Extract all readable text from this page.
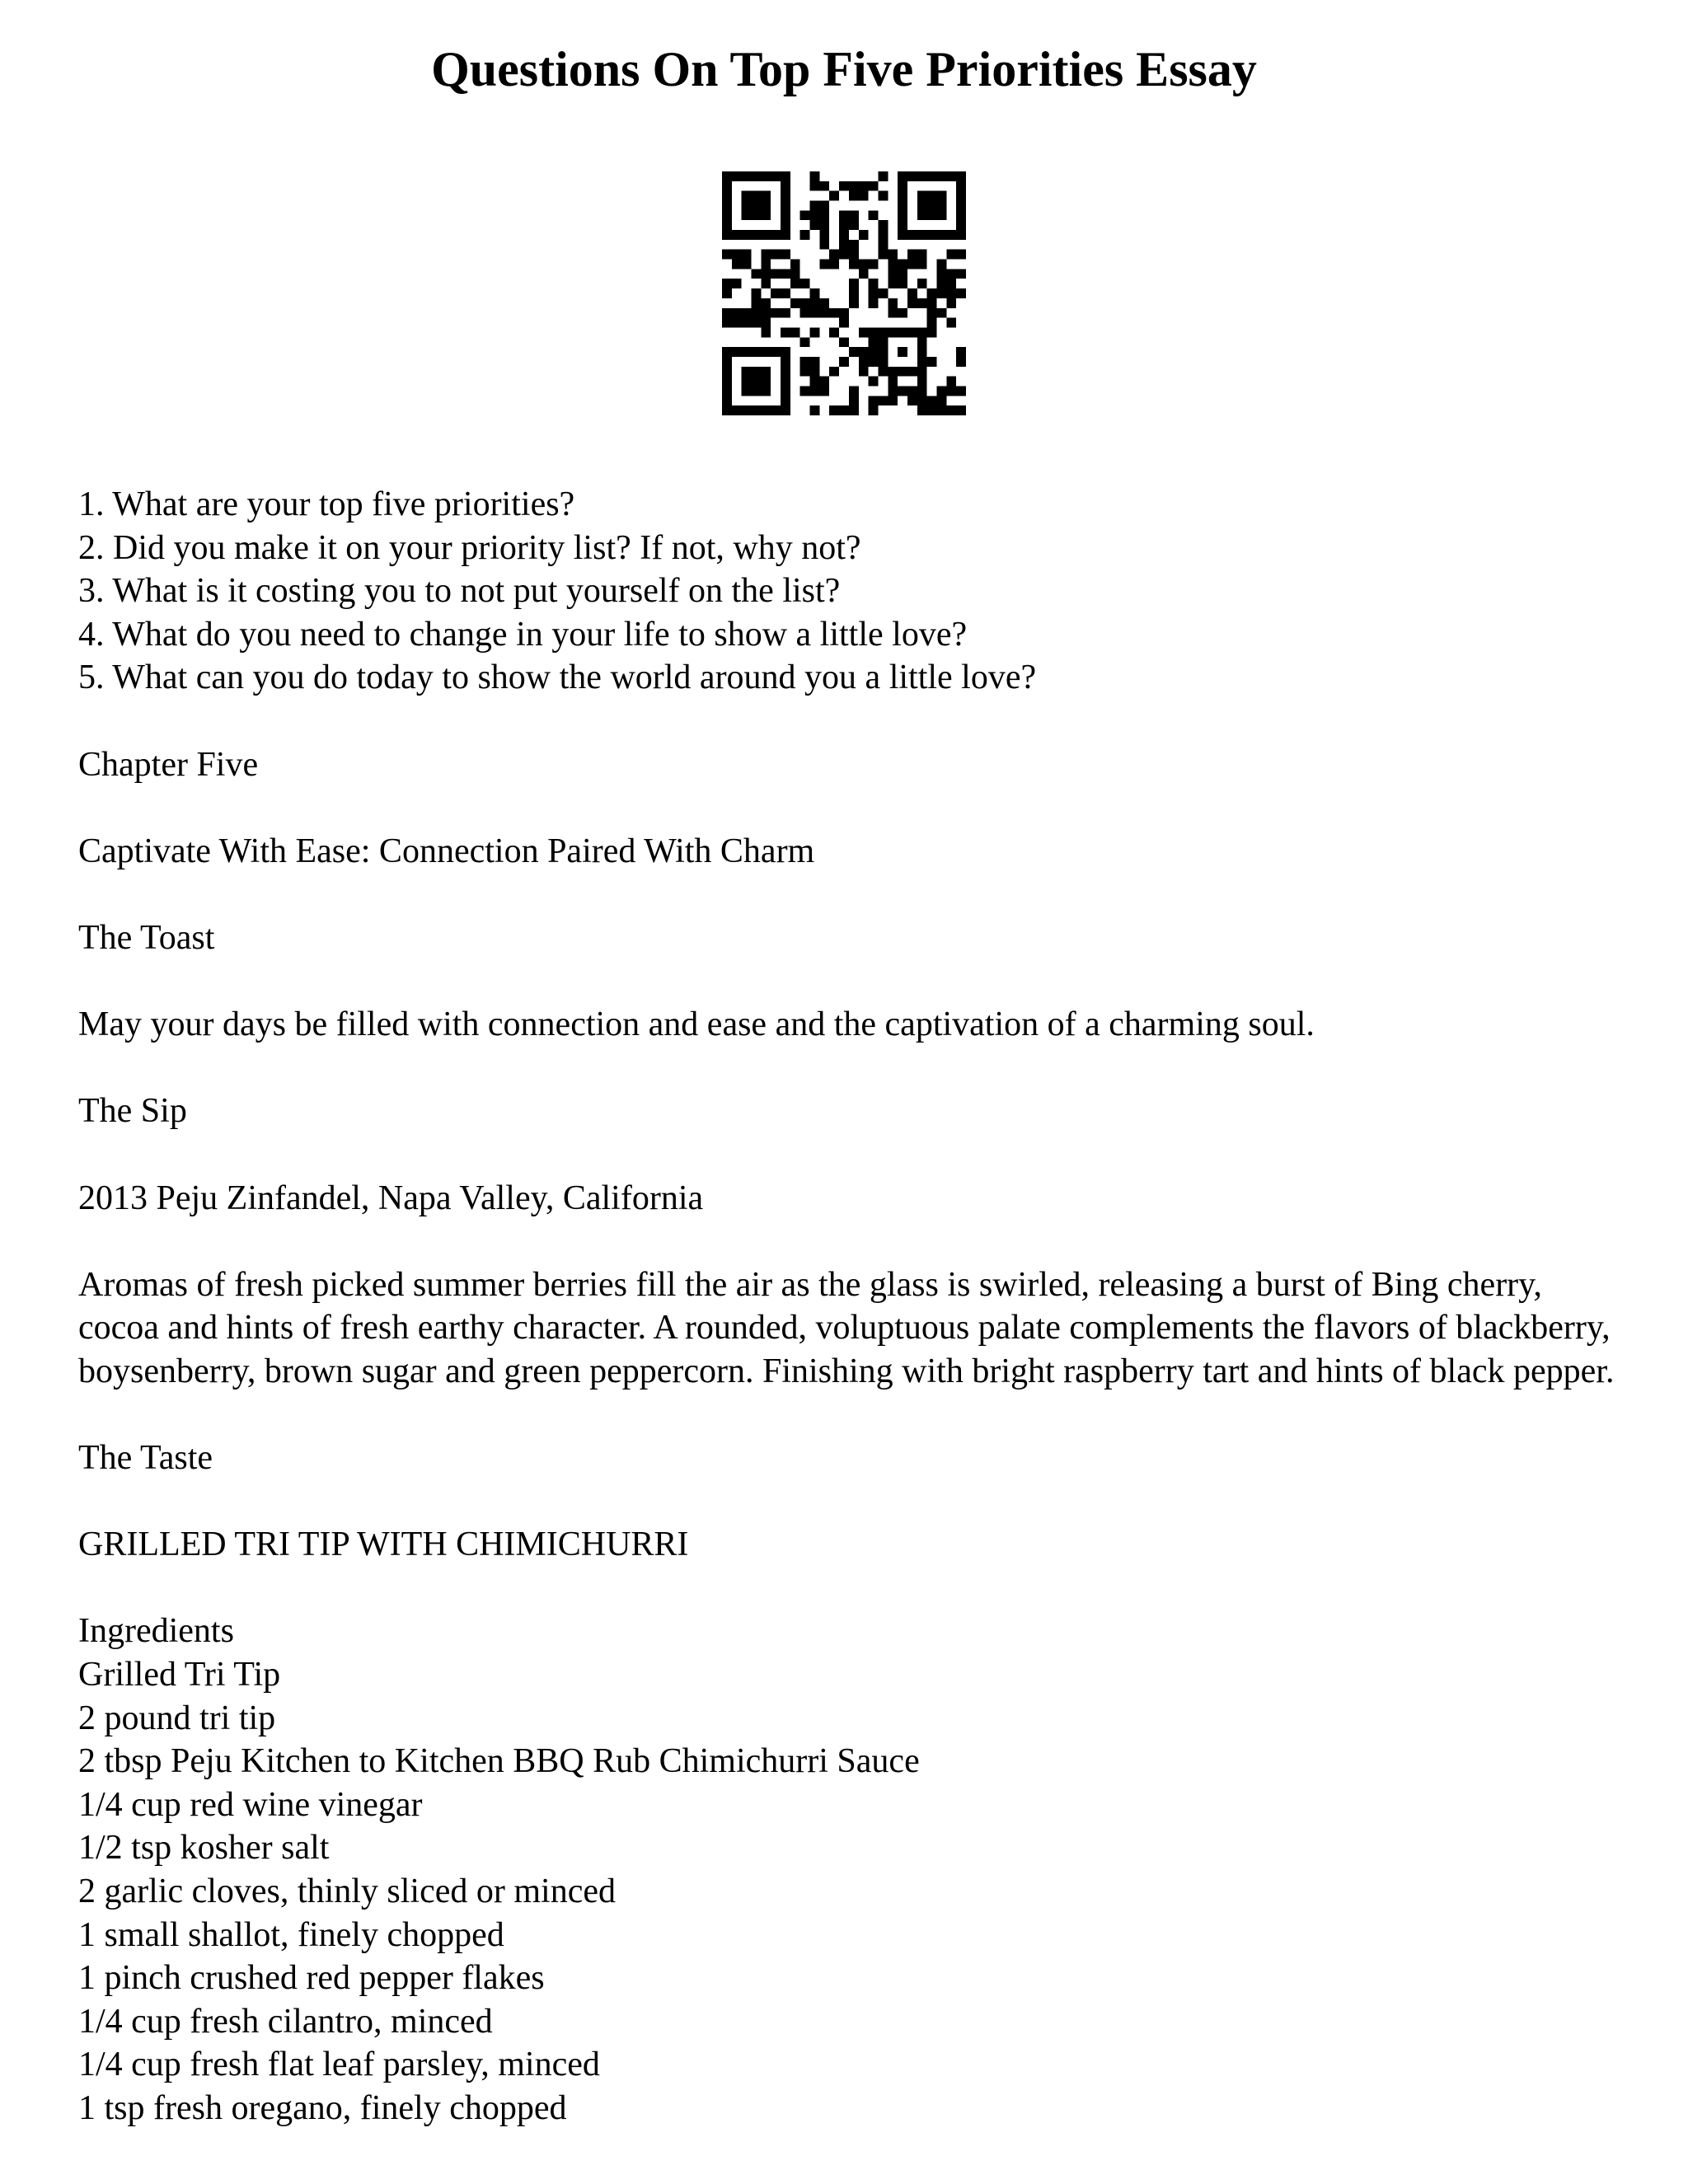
Questions On Top Five Priorities Essay

1. What are your top five priorities?

2. Did you make it on your priority list? If not, why not?

3. What is it costing you to not put yourself on the list?

4. What do you need to change in your life to show a little love?

5. What can you do today to show the world around you a little love?

Chapter Five

Captivate With Ease: Connection Paired With Charm

The Toast

May your days be filled with connection and ease and the captivation of a charming soul.

The Sip

2013 Peju Zinfandel, Napa Valley, California

Aromas of fresh picked summer berries fill the air as the glass is swirled, releasing a burst of Bing cherry, cocoa and hints of fresh earthy character. A rounded, voluptuous palate complements the flavors of blackberry, boysenberry, brown sugar and green peppercorn. Finishing with bright raspberry tart and hints of black pepper.

The Taste

GRILLED TRI TIP WITH CHIMICHURRI

Ingredients

Grilled Tri Tip

2 pound tri tip

2 tbsp Peju Kitchen to Kitchen BBQ Rub Chimichurri Sauce

1/4 cup red wine vinegar

1/2 tsp kosher salt

2 garlic cloves, thinly sliced or minced

1 small shallot, finely chopped

1 pinch crushed red pepper flakes

1/4 cup fresh cilantro, minced

1/4 cup fresh flat leaf parsley, minced

1 tsp fresh oregano, finely chopped
